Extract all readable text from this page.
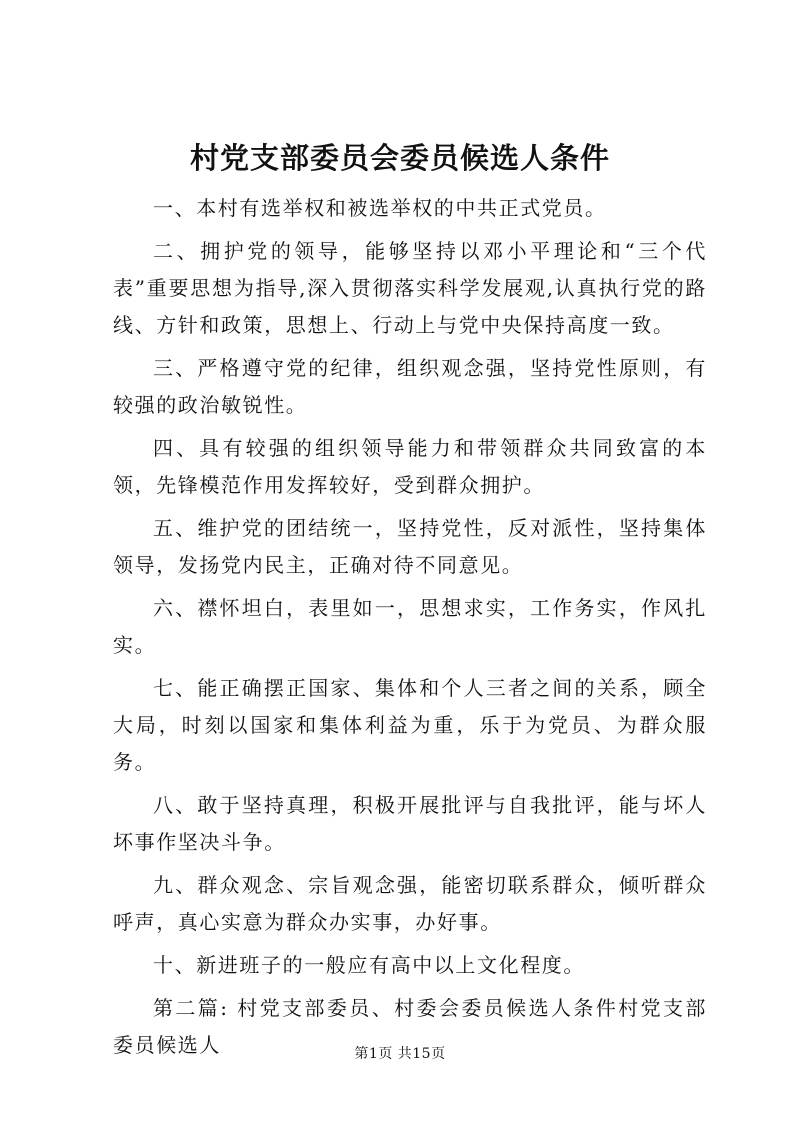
村党支部委员会委员候选人条件

一、本村有选举权和被选举权的中共正式党员。

二、拥护党的领导，能够坚持以邓小平理论和“三个代表”重要思想为指导,深入贯彻落实科学发展观,认真执行党的路线、方针和政策，思想上、行动上与党中央保持高度一致。

三、严格遵守党的纪律，组织观念强，坚持党性原则，有较强的政治敏锐性。

四、具有较强的组织领导能力和带领群众共同致富的本领，先锋模范作用发挥较好，受到群众拥护。

五、维护党的团结统一，坚持党性，反对派性，坚持集体领导，发扬党内民主，正确对待不同意见。

六、襟怀坦白，表里如一，思想求实，工作务实，作风扎实。

七、能正确摆正国家、集体和个人三者之间的关系，顾全大局，时刻以国家和集体利益为重，乐于为党员、为群众服务。

八、敢于坚持真理，积极开展批评与自我批评，能与坏人坏事作坚决斗争。

九、群众观念、宗旨观念强，能密切联系群众，倾听群众呼声，真心实意为群众办实事，办好事。

十、新进班子的一般应有高中以上文化程度。

第二篇: 村党支部委员、村委会委员候选人条件村党支部委员候选人	第1页 共15页
